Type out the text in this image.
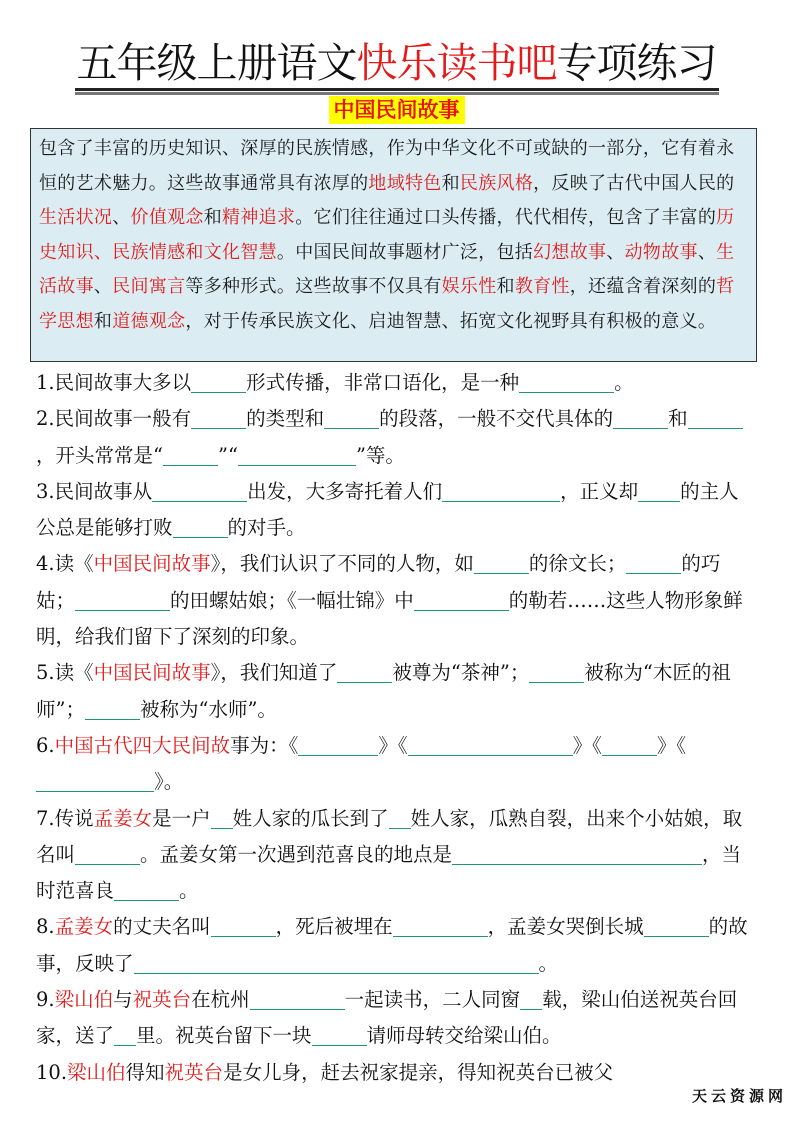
五年级上册语文快乐读书吧专项练习
中国民间故事
包含了丰富的历史知识、深厚的民族情感，作为中华文化不可或缺的一部分，它有着永恒的艺术魅力。这些故事通常具有浓厚的地域特色和民族风格，反映了古代中国人民的生活状况、价值观念和精神追求。它们往往通过口头传播，代代相传，包含了丰富的历史知识、民族情感和文化智慧。中国民间故事题材广泛，包括幻想故事、动物故事、生活故事、民间寓言等多种形式。这些故事不仅具有娱乐性和教育性，还蕴含着深刻的哲学思想和道德观念，对于传承民族文化、启迪智慧、拓宽文化视野具有积极的意义。
1.民间故事大多以	形式传播，非常口语化，是一种	。
2.民间故事一般有	的类型和	的段落，一般不交代具体的	和，开头常常是“	”“	”等。
3.民间故事从	出发，大多寄托着人们	，正义却 的主人公总是能够打败	的对手。
4.读《中国民间故事》，我们认识了不同的人物，如	的徐文长；	的巧姑；	的田螺姑娘；《一幅壮锦》中	的勒若……这些人物形象鲜明，给我们留下了深刻的印象。
5.读《中国民间故事》，我们知道了	被尊为“茶神”；	被称为“木匠的祖师”；	被称为“水师”。
6.中国古代四大民间故事为：《	》《	》《	》《》。
7.传说孟姜女是一户 姓人家的瓜长到了 姓人家，瓜熟自裂，出来个小姑娘，取名叫	。孟姜女第一次遇到范喜良的地点是	，当时范喜良	。
8.孟姜女的丈夫名叫	，死后被埋在	，孟姜女哭倒长城	的故事，反映了	。
9.梁山伯与祝英台在杭州	一起读书，二人同窗 载，梁山伯送祝英台回家，送了 里。祝英台留下一块	请师母转交给梁山伯。
10.梁山伯得知祝英台是女儿身，赶去祝家提亲，得知祝英台已被父
天云资源网
